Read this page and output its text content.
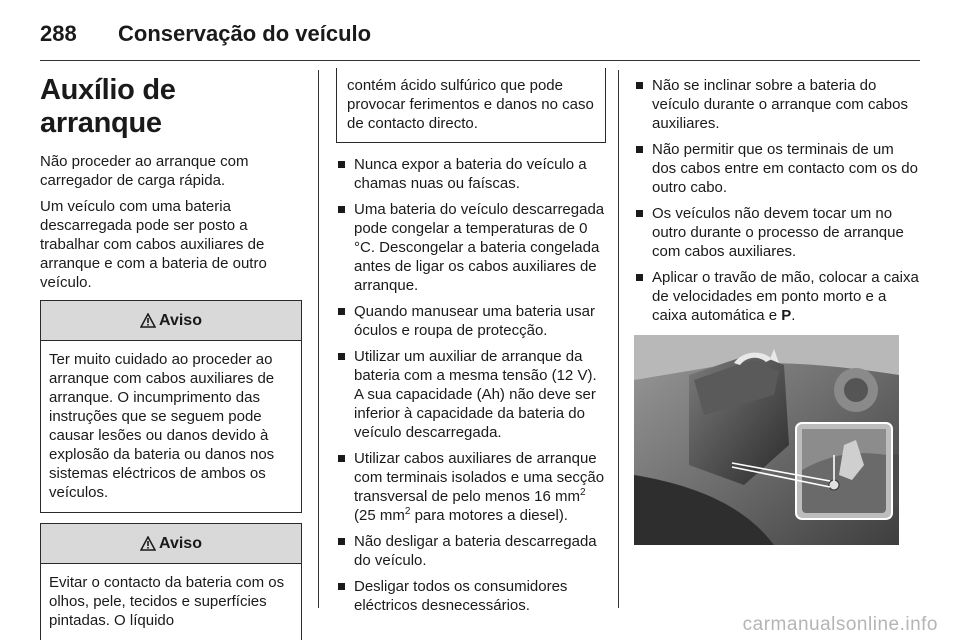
288	Conservação do veículo
Auxílio de arranque

Não proceder ao arranque com carregador de carga rápida.

Um veículo com uma bateria descarregada pode ser posto a trabalhar com cabos auxiliares de arranque e com a bateria de outro veículo.

Aviso
Ter muito cuidado ao proceder ao arranque com cabos auxiliares de arranque. O incumprimento das instruções que se seguem pode causar lesões ou danos devido à explosão da bateria ou danos nos sistemas eléctricos de ambos os veículos.
Aviso
Evitar o contacto da bateria com os olhos, pele, tecidos e superfícies pintadas. O líquido
contém ácido sulfúrico que pode provocar ferimentos e danos no caso de contacto directo.
Nunca expor a bateria do veículo a chamas nuas ou faíscas.
Uma bateria do veículo descarregada pode congelar a temperaturas de 0 °C. Descongelar a bateria congelada antes de ligar os cabos auxiliares de arranque.
Quando manusear uma bateria usar óculos e roupa de protecção.
Utilizar um auxiliar de arranque da bateria com a mesma tensão (12 V). A sua capacidade (Ah) não deve ser inferior à capacidade da bateria do veículo descarregada.
Utilizar cabos auxiliares de arranque com terminais isolados e uma secção transversal de pelo menos 16 $mm^2$ (25 $mm^2$ para motores a diesel).
Não desligar a bateria descarregada do veículo.
Desligar todos os consumidores eléctricos desnecessários.
Não se inclinar sobre a bateria do veículo durante o arranque com cabos auxiliares.
Não permitir que os terminais de um dos cabos entre em contacto com os do outro cabo.
Os veículos não devem tocar um no outro durante o processo de arranque com cabos auxiliares.
Aplicar o travão de mão, colocar a caixa de velocidades em ponto morto e a caixa automática e P.
carmanualsonline.info
